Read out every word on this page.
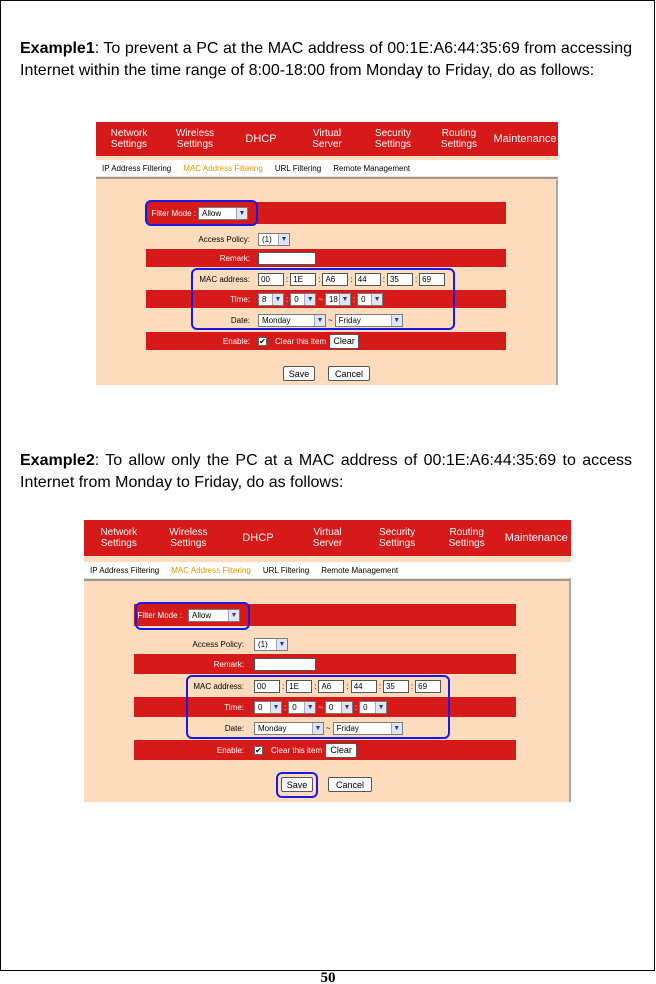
Example1: To prevent a PC at the MAC address of 00:1E:A6:44:35:69 from accessing Internet within the time range of 8:00-18:00 from Monday to Friday, do as follows:

Network
Settings
Wireless
Settings	DHCP	Virtual
Server
Security
Settings
Routing
Settings	Maintenance
IP Address Filtering MAC Address Filtering URL Filtering Remote Management
Filter Mode : Allow	▼
Access Policy: (1)	▼
Remark:
MAC address:	00	: 1E	: A6	: 44	: 35	: 69
Time: 8	▼ : 0	▼ ~ 18 ▼ : 0	▼
Date: Monday	▼ ~ Friday	▼
Enable: ✔ Clear this item Clear
Save	Cancel

Example2: To allow only the PC at a MAC address of 00:1E:A6:44:35:69 to access Internet from Monday to Friday, do as follows:

Network
Settings
Wireless
Settings	DHCP	Virtual
Server
Security
Settings
Routing
Settings	Maintenance
IP Address Filtering MAC Address Filtering URL Filtering Remote Management
Filter Mode : Allow	▼
Access Policy: (1)	▼
Remark:
MAC address:	00	: 1E	: A6	: 44	: 35	: 69
Time: 0	▼ : 0	▼ ~ 0	▼ : 0	▼
Date: Monday	▼ ~ Friday	▼
Enable: ✔ Clear this item Clear
Save	Cancel
50
